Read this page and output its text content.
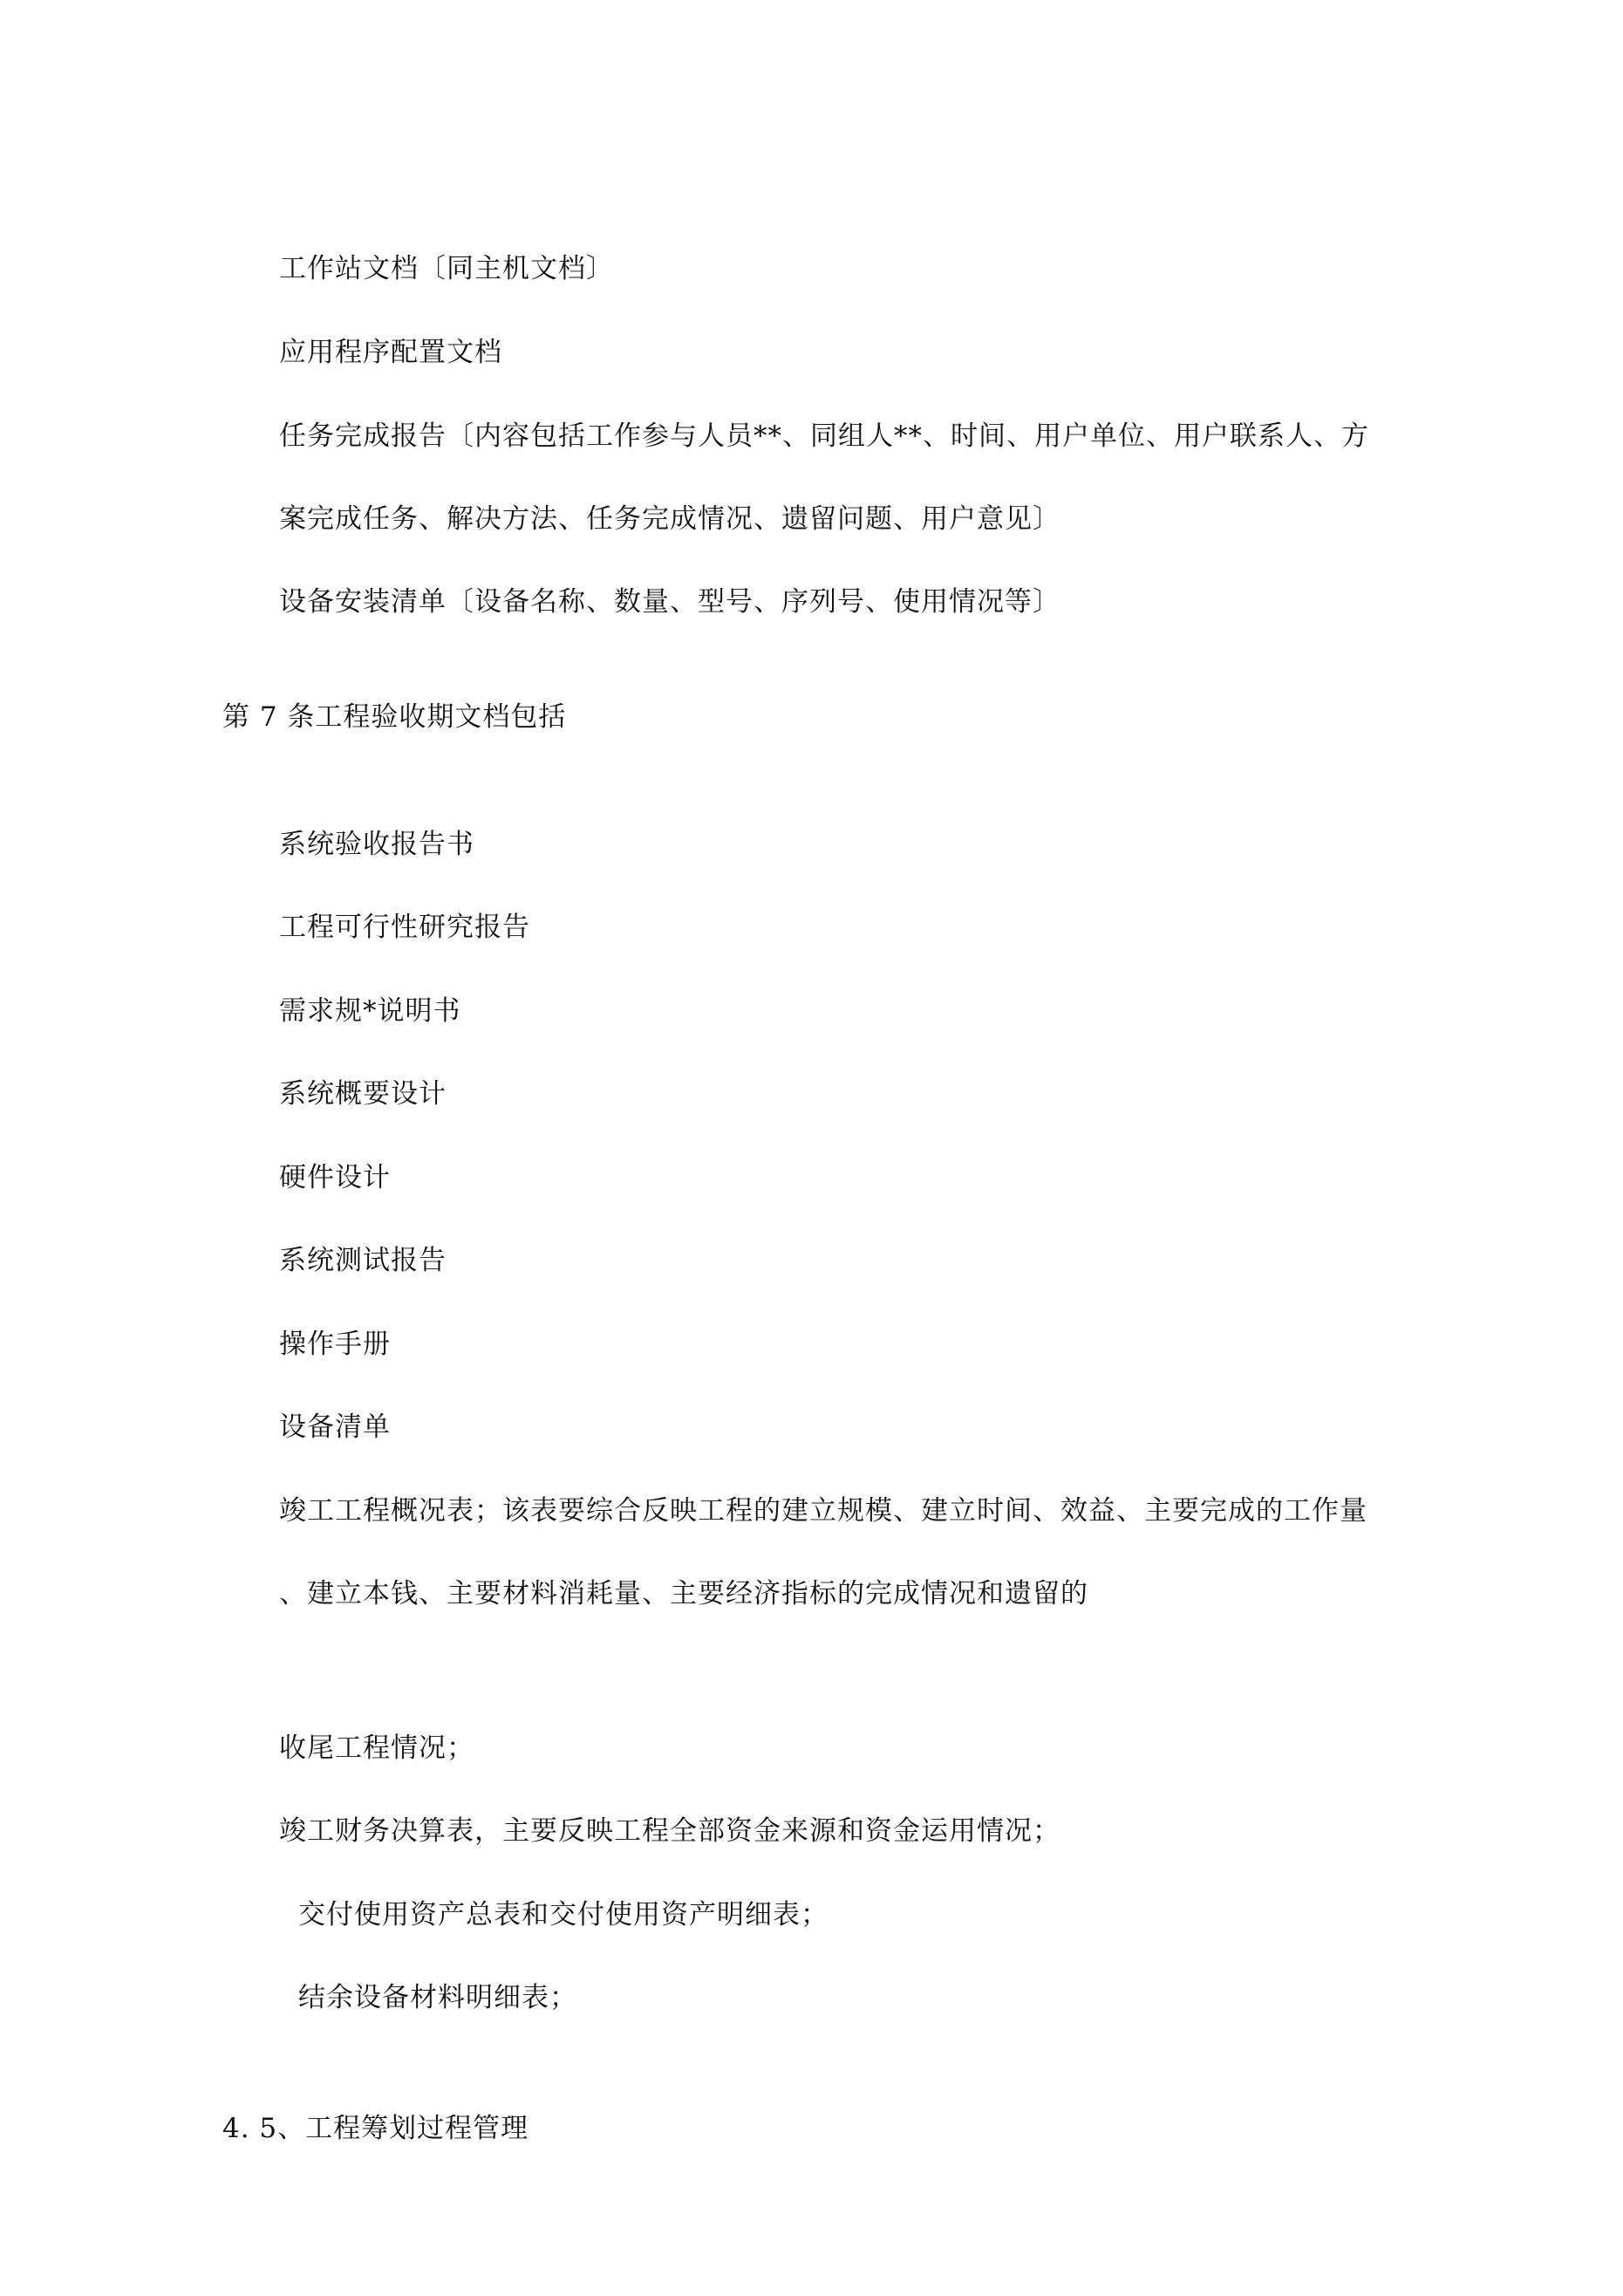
工作站文档〔同主机文档〕
应用程序配置文档
任务完成报告〔内容包括工作参与人员**、同组人**、时间、用户单位、用户联系人、方
案完成任务、解决方法、任务完成情况、遗留问题、用户意见〕
设备安装清单〔设备名称、数量、型号、序列号、使用情况等〕
第 7 条工程验收期文档包括
系统验收报告书
工程可行性研究报告
需求规*说明书
系统概要设计
硬件设计
系统测试报告
操作手册
设备清单
竣工工程概况表；该表要综合反映工程的建立规模、建立时间、效益、主要完成的工作量
、建立本钱、主要材料消耗量、主要经济指标的完成情况和遗留的
收尾工程情况；
竣工财务决算表，主要反映工程全部资金来源和资金运用情况；
交付使用资产总表和交付使用资产明细表；
结余设备材料明细表；
4. 5、工程筹划过程管理
